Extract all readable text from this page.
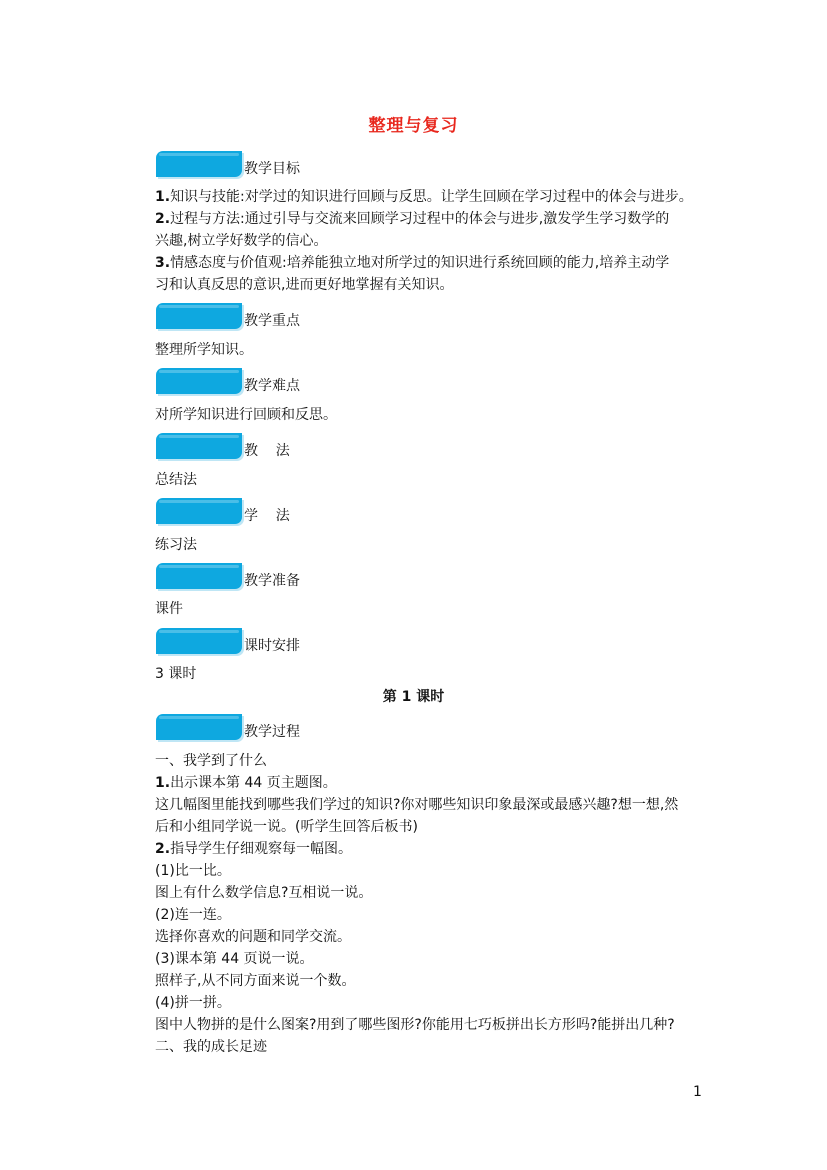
整理与复习
教学目标
1.知识与技能:对学过的知识进行回顾与反思。让学生回顾在学习过程中的体会与进步。
2.过程与方法:通过引导与交流来回顾学习过程中的体会与进步,激发学生学习数学的
兴趣,树立学好数学的信心。
3.情感态度与价值观:培养能独立地对所学过的知识进行系统回顾的能力,培养主动学
习和认真反思的意识,进而更好地掌握有关知识。
教学重点
整理所学知识。
教学难点
对所学知识进行回顾和反思。
教    法
总结法
学    法
练习法
教学准备
课件
课时安排
3 课时
第 1 课时
教学过程
一、我学到了什么
1.出示课本第 44 页主题图。
这几幅图里能找到哪些我们学过的知识?你对哪些知识印象最深或最感兴趣?想一想,然
后和小组同学说一说。(听学生回答后板书)
2.指导学生仔细观察每一幅图。
(1)比一比。
图上有什么数学信息?互相说一说。
(2)连一连。
选择你喜欢的问题和同学交流。
(3)课本第 44 页说一说。
照样子,从不同方面来说一个数。
(4)拼一拼。
图中人物拼的是什么图案?用到了哪些图形?你能用七巧板拼出长方形吗?能拼出几种?
二、我的成长足迹
1
